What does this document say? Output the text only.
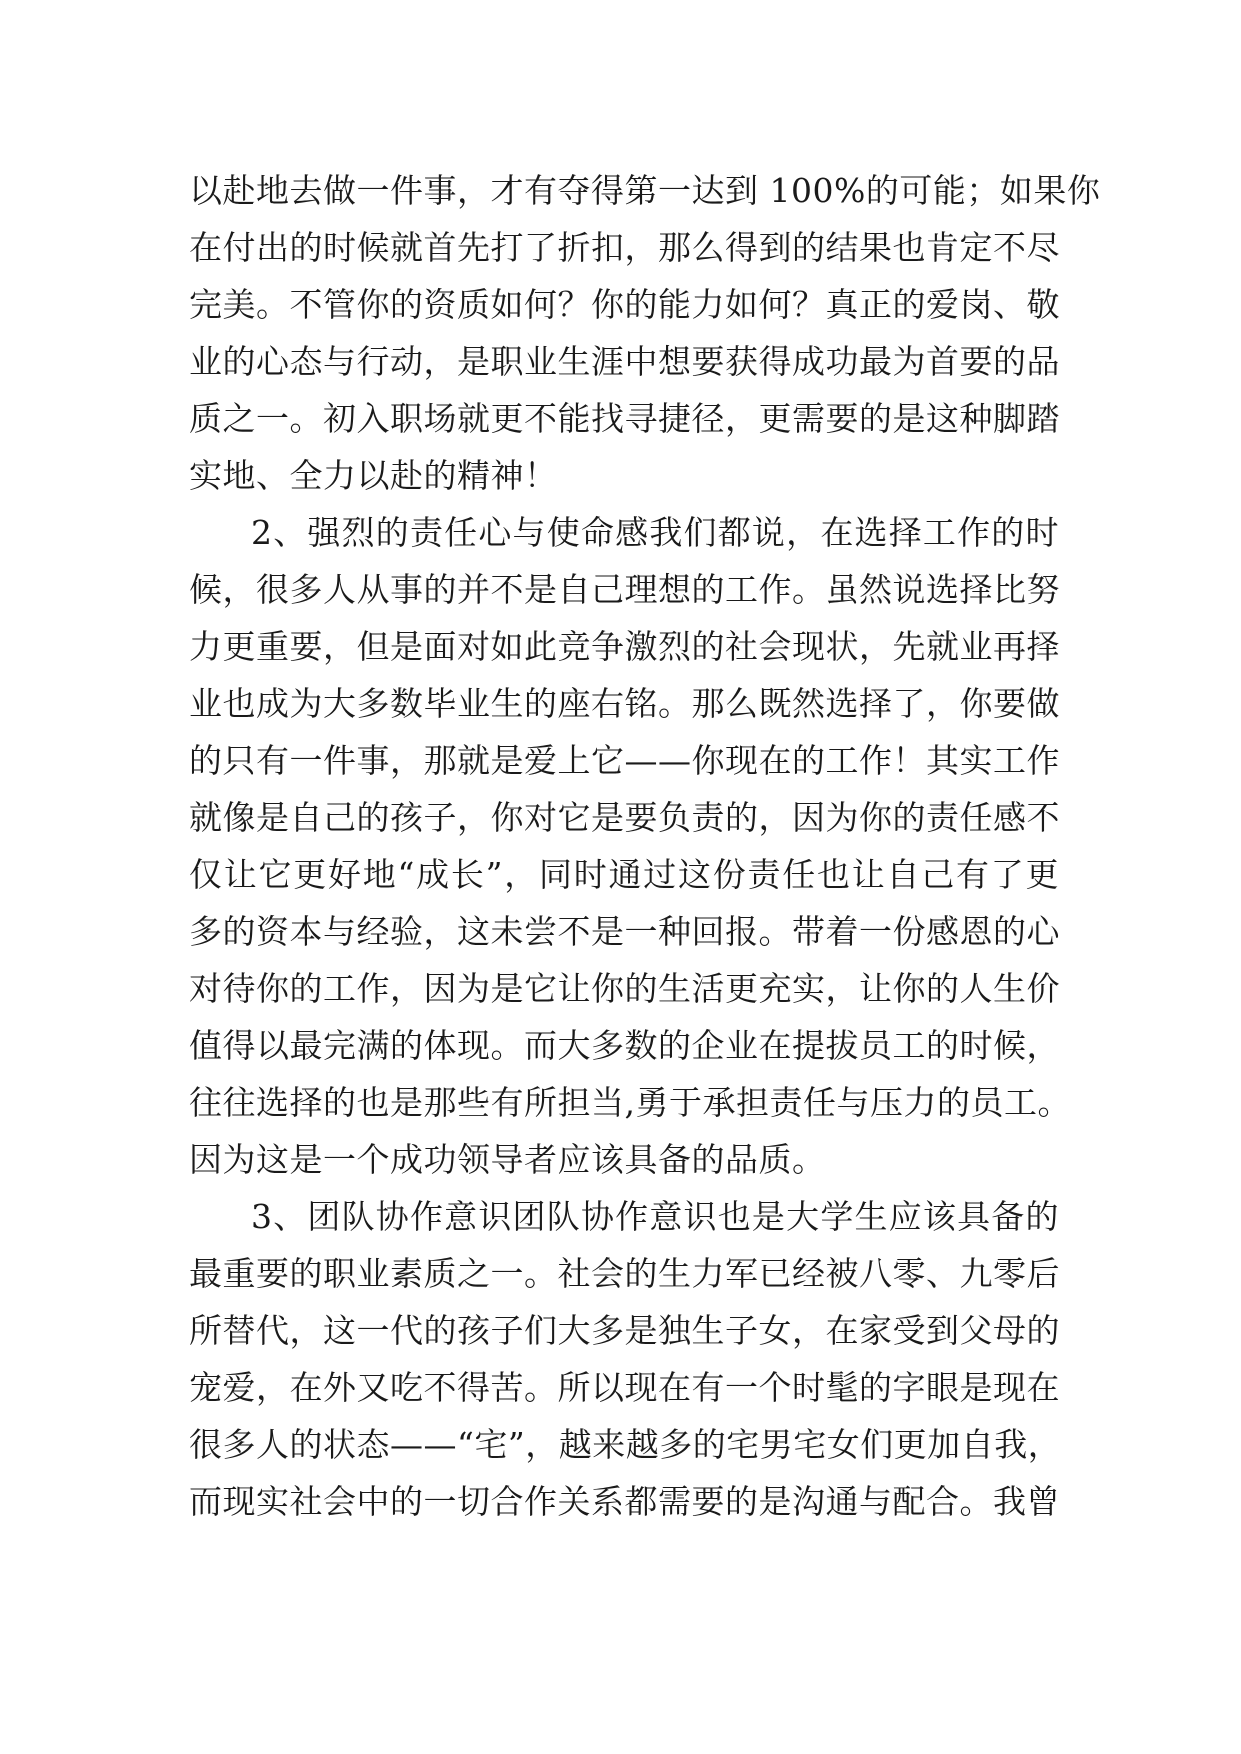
以赴地去做一件事，才有夺得第一达到 100%的可能；如果你
在付出的时候就首先打了折扣，那么得到的结果也肯定不尽
完美。不管你的资质如何？你的能力如何？真正的爱岗、敬
业的心态与行动，是职业生涯中想要获得成功最为首要的品
质之一。初入职场就更不能找寻捷径，更需要的是这种脚踏
实地、全力以赴的精神！
2、强烈的责任心与使命感我们都说，在选择工作的时
候，很多人从事的并不是自己理想的工作。虽然说选择比努
力更重要，但是面对如此竞争激烈的社会现状，先就业再择
业也成为大多数毕业生的座右铭。那么既然选择了，你要做
的只有一件事，那就是爱上它——你现在的工作！其实工作
就像是自己的孩子，你对它是要负责的，因为你的责任感不
仅让它更好地“成长”，同时通过这份责任也让自己有了更
多的资本与经验，这未尝不是一种回报。带着一份感恩的心
对待你的工作，因为是它让你的生活更充实，让你的人生价
值得以最完满的体现。而大多数的企业在提拔员工的时候，
往往选择的也是那些有所担当,勇于承担责任与压力的员工。
因为这是一个成功领导者应该具备的品质。
3、团队协作意识团队协作意识也是大学生应该具备的
最重要的职业素质之一。社会的生力军已经被八零、九零后
所替代，这一代的孩子们大多是独生子女，在家受到父母的
宠爱，在外又吃不得苦。所以现在有一个时髦的字眼是现在
很多人的状态——“宅”，越来越多的宅男宅女们更加自我，
而现实社会中的一切合作关系都需要的是沟通与配合。我曾
